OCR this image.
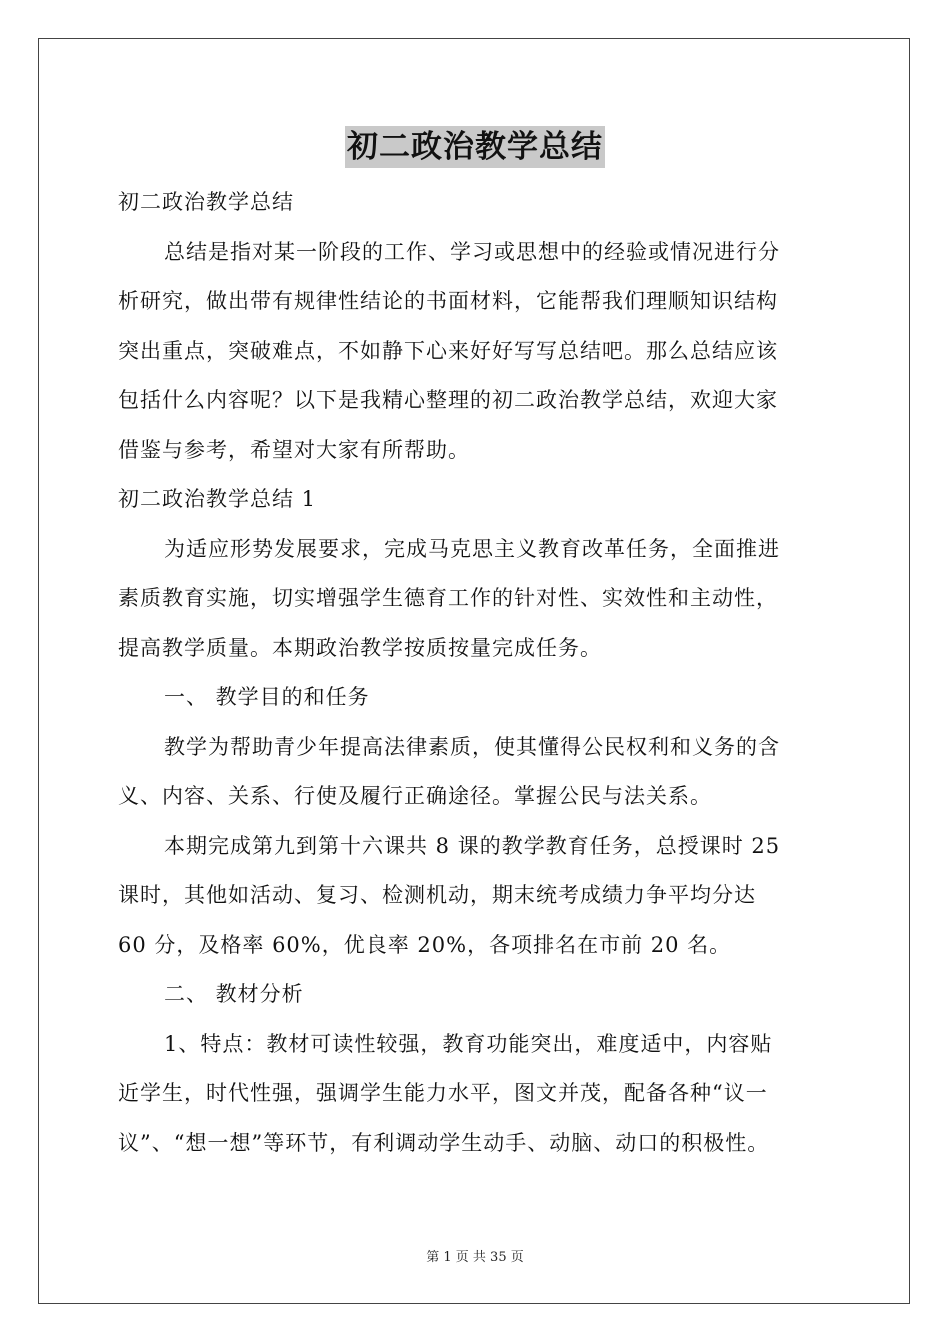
初二政治教学总结
初二政治教学总结
总结是指对某一阶段的工作、学习或思想中的经验或情况进行分
析研究，做出带有规律性结论的书面材料，它能帮我们理顺知识结构
突出重点，突破难点，不如静下心来好好写写总结吧。那么总结应该
包括什么内容呢？以下是我精心整理的初二政治教学总结，欢迎大家
借鉴与参考，希望对大家有所帮助。
初二政治教学总结 1
为适应形势发展要求，完成马克思主义教育改革任务，全面推进
素质教育实施，切实增强学生德育工作的针对性、实效性和主动性，
提高教学质量。本期政治教学按质按量完成任务。
一、 教学目的和任务
教学为帮助青少年提高法律素质，使其懂得公民权利和义务的含
义、内容、关系、行使及履行正确途径。掌握公民与法关系。
本期完成第九到第十六课共 8 课的教学教育任务，总授课时 25
课时，其他如活动、复习、检测机动，期末统考成绩力争平均分达
60 分，及格率 60%，优良率 20%，各项排名在市前 20 名。
二、 教材分析
1、特点：教材可读性较强，教育功能突出，难度适中，内容贴
近学生，时代性强，强调学生能力水平，图文并茂，配备各种“议一
议”、“想一想”等环节，有利调动学生动手、动脑、动口的积极性。
第 1 页 共 35 页
